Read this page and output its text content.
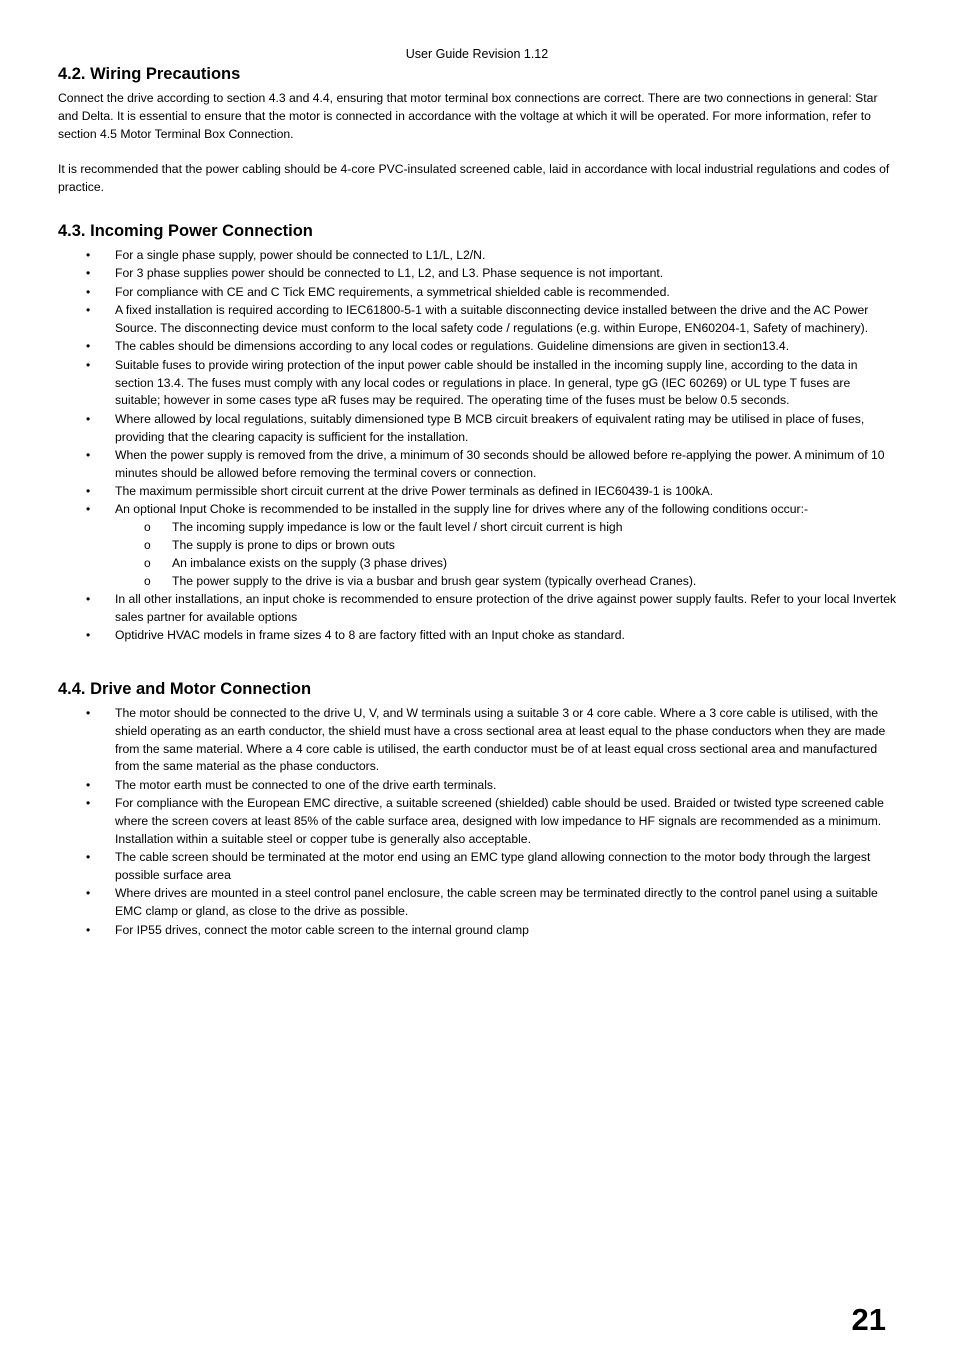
User Guide Revision 1.12
4.2. Wiring Precautions

Connect the drive according to section 4.3 and 4.4, ensuring that motor terminal box connections are correct. There are two connections in general: Star and Delta. It is essential to ensure that the motor is connected in accordance with the voltage at which it will be operated. For more information, refer to section 4.5 Motor Terminal Box Connection.

It is recommended that the power cabling should be 4-core PVC-insulated screened cable, laid in accordance with local industrial regulations and codes of practice.

4.3. Incoming Power Connection
• For a single phase supply, power should be connected to L1/L, L2/N.
• For 3 phase supplies power should be connected to L1, L2, and L3. Phase sequence is not important.
• For compliance with CE and C Tick EMC requirements, a symmetrical shielded cable is recommended.
• A fixed installation is required according to IEC61800-5-1 with a suitable disconnecting device installed between the drive and the AC Power Source. The disconnecting device must conform to the local safety code / regulations (e.g. within Europe, EN60204-1, Safety of machinery).
• The cables should be dimensions according to any local codes or regulations. Guideline dimensions are given in section13.4.
• Suitable fuses to provide wiring protection of the input power cable should be installed in the incoming supply line, according to the data in section 13.4. The fuses must comply with any local codes or regulations in place. In general, type gG (IEC 60269) or UL type T fuses are suitable; however in some cases type aR fuses may be required. The operating time of the fuses must be below 0.5 seconds.
• Where allowed by local regulations, suitably dimensioned type B MCB circuit breakers of equivalent rating may be utilised in place of fuses, providing that the clearing capacity is sufficient for the installation.
• When the power supply is removed from the drive, a minimum of 30 seconds should be allowed before re-applying the power. A minimum of 10 minutes should be allowed before removing the terminal covers or connection.
• The maximum permissible short circuit current at the drive Power terminals as defined in IEC60439-1 is 100kA.
• An optional Input Choke is recommended to be installed in the supply line for drives where any of the following conditions occur:-
o The incoming supply impedance is low or the fault level / short circuit current is high
o The supply is prone to dips or brown outs
o An imbalance exists on the supply (3 phase drives)
o The power supply to the drive is via a busbar and brush gear system (typically overhead Cranes).
• In all other installations, an input choke is recommended to ensure protection of the drive against power supply faults. Refer to your local Invertek sales partner for available options
• Optidrive HVAC models in frame sizes 4 to 8 are factory fitted with an Input choke as standard.
4.4. Drive and Motor Connection
• The motor should be connected to the drive U, V, and W terminals using a suitable 3 or 4 core cable. Where a 3 core cable is utilised, with the shield operating as an earth conductor, the shield must have a cross sectional area at least equal to the phase conductors when they are made from the same material. Where a 4 core cable is utilised, the earth conductor must be of at least equal cross sectional area and manufactured from the same material as the phase conductors.
• The motor earth must be connected to one of the drive earth terminals.
• For compliance with the European EMC directive, a suitable screened (shielded) cable should be used. Braided or twisted type screened cable where the screen covers at least 85% of the cable surface area, designed with low impedance to HF signals are recommended as a minimum. Installation within a suitable steel or copper tube is generally also acceptable.
• The cable screen should be terminated at the motor end using an EMC type gland allowing connection to the motor body through the largest possible surface area
• Where drives are mounted in a steel control panel enclosure, the cable screen may be terminated directly to the control panel using a suitable EMC clamp or gland, as close to the drive as possible.
• For IP55 drives, connect the motor cable screen to the internal ground clamp
21
